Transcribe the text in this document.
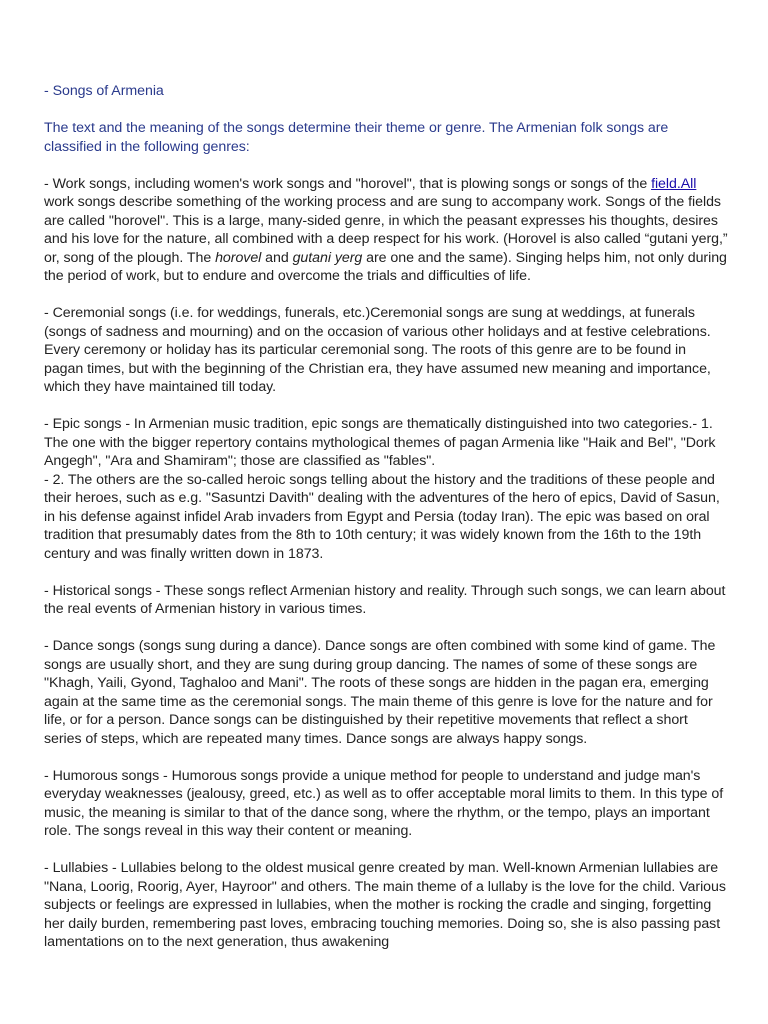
- Songs of Armenia

The text and the meaning of the songs determine their theme or genre. The Armenian folk songs are classified in the following genres:

- Work songs, including women's work songs and "horovel", that is plowing songs or songs of the field.All work songs describe something of the working process and are sung to accompany work. Songs of the fields are called "horovel". This is a large, many-sided genre, in which the peasant expresses his thoughts, desires and his love for the nature, all combined with a deep respect for his work. (Horovel is also called “gutani yerg,” or, song of the plough. The horovel and gutani yerg are one and the same). Singing helps him, not only during the period of work, but to endure and overcome the trials and difficulties of life.

- Ceremonial songs (i.e. for weddings, funerals, etc.)Ceremonial songs are sung at weddings, at funerals (songs of sadness and mourning) and on the occasion of various other holidays and at festive celebrations. Every ceremony or holiday has its particular ceremonial song. The roots of this genre are to be found in pagan times, but with the beginning of the Christian era, they have assumed new meaning and importance, which they have maintained till today.

- Epic songs - In Armenian music tradition, epic songs are thematically distinguished into two categories.- 1. The one with the bigger repertory contains mythological themes of pagan Armenia like "Haik and Bel", "Dork Angegh", "Ara and Shamiram"; those are classified as "fables".

- 2. The others are the so-called heroic songs telling about the history and the traditions of these people and their heroes, such as e.g. "Sasuntzi Davith" dealing with the adventures of the hero of epics, David of Sasun, in his defense against infidel Arab invaders from Egypt and Persia (today Iran). The epic was based on oral tradition that presumably dates from the 8th to 10th century; it was widely known from the 16th to the 19th century and was finally written down in 1873.

- Historical songs - These songs reflect Armenian history and reality. Through such songs, we can learn about the real events of Armenian history in various times.

- Dance songs (songs sung during a dance). Dance songs are often combined with some kind of game. The songs are usually short, and they are sung during group dancing. The names of some of these songs are "Khagh, Yaili, Gyond, Taghaloo and Mani". The roots of these songs are hidden in the pagan era, emerging again at the same time as the ceremonial songs. The main theme of this genre is love for the nature and for life, or for a person. Dance songs can be distinguished by their repetitive movements that reflect a short series of steps, which are repeated many times. Dance songs are always happy songs.

- Humorous songs - Humorous songs provide a unique method for people to understand and judge man's everyday weaknesses (jealousy, greed, etc.) as well as to offer acceptable moral limits to them. In this type of music, the meaning is similar to that of the dance song, where the rhythm, or the tempo, plays an important role. The songs reveal in this way their content or meaning.

- Lullabies - Lullabies belong to the oldest musical genre created by man. Well-known Armenian lullabies are "Nana, Loorig, Roorig, Ayer, Hayroor" and others. The main theme of a lullaby is the love for the child. Various subjects or feelings are expressed in lullabies, when the mother is rocking the cradle and singing, forgetting her daily burden, remembering past loves, embracing touching memories. Doing so, she is also passing past lamentations on to the next generation, thus awakening
